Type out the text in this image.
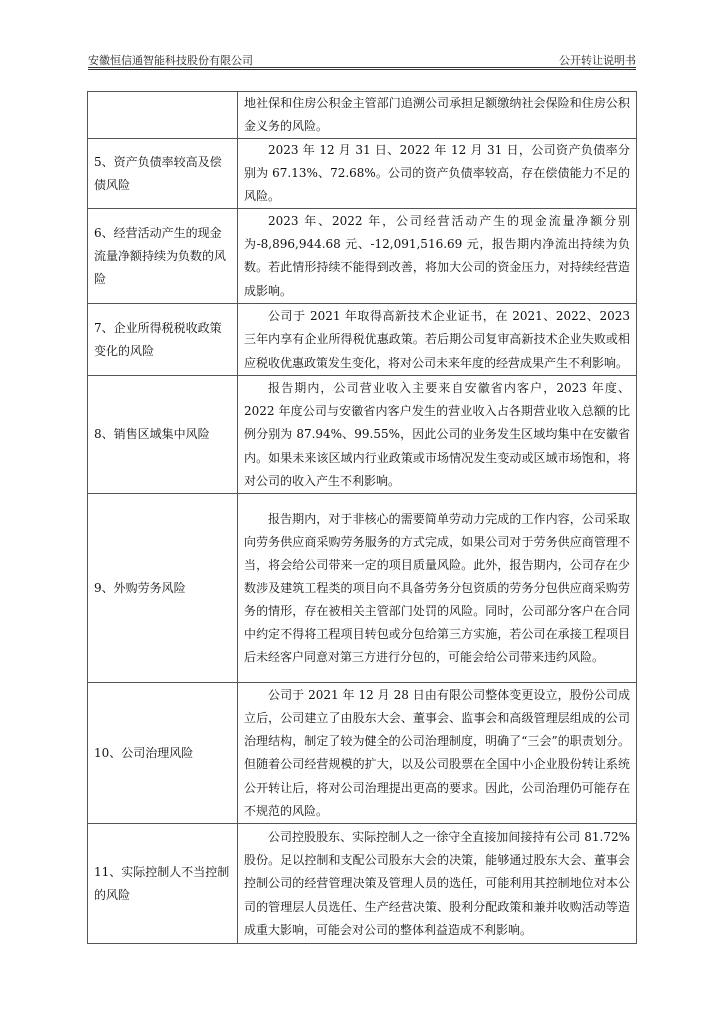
安徽恒信通智能科技股份有限公司	公开转让说明书

	地社保和住房公积金主管部门追溯公司承担足额缴纳社会保险和住房公积金义务的风险。

5、资产负债率较高及偿债风险	2023 年 12 月 31 日、2022 年 12 月 31 日，公司资产负债率分别为 67.13%、72.68%。公司的资产负债率较高，存在偿债能力不足的风险。

6、经营活动产生的现金流量净额持续为负数的风险	2023 年、2022 年，公司经营活动产生的现金流量净额分别为-8,896,944.68 元、-12,091,516.69 元，报告期内净流出持续为负数。若此情形持续不能得到改善，将加大公司的资金压力，对持续经营造成影响。

7、企业所得税税收政策变化的风险	公司于 2021 年取得高新技术企业证书，在 2021、2022、2023 三年内享有企业所得税优惠政策。若后期公司复审高新技术企业失败或相应税收优惠政策发生变化，将对公司未来年度的经营成果产生不利影响。

8、销售区域集中风险	报告期内，公司营业收入主要来自安徽省内客户，2023 年度、2022 年度公司与安徽省内客户发生的营业收入占各期营业收入总额的比例分别为 87.94%、99.55%，因此公司的业务发生区域均集中在安徽省内。如果未来该区域内行业政策或市场情况发生变动或区域市场饱和，将对公司的收入产生不利影响。

9、外购劳务风险	报告期内，对于非核心的需要简单劳动力完成的工作内容，公司采取向劳务供应商采购劳务服务的方式完成，如果公司对于劳务供应商管理不当，将会给公司带来一定的项目质量风险。此外，报告期内，公司存在少数涉及建筑工程类的项目向不具备劳务分包资质的劳务分包供应商采购劳务的情形，存在被相关主管部门处罚的风险。同时，公司部分客户在合同中约定不得将工程项目转包或分包给第三方实施，若公司在承接工程项目后未经客户同意对第三方进行分包的，可能会给公司带来违约风险。

10、公司治理风险	公司于 2021 年 12 月 28 日由有限公司整体变更设立，股份公司成立后，公司建立了由股东大会、董事会、监事会和高级管理层组成的公司治理结构，制定了较为健全的公司治理制度，明确了“三会”的职责划分。但随着公司经营规模的扩大，以及公司股票在全国中小企业股份转让系统公开转让后，将对公司治理提出更高的要求。因此，公司治理仍可能存在不规范的风险。

11、实际控制人不当控制的风险	公司控股股东、实际控制人之一徐守全直接加间接持有公司 81.72%股份。足以控制和支配公司股东大会的决策，能够通过股东大会、董事会控制公司的经营管理决策及管理人员的选任，可能利用其控制地位对本公司的管理层人员选任、生产经营决策、股利分配政策和兼并收购活动等造成重大影响，可能会对公司的整体利益造成不利影响。
